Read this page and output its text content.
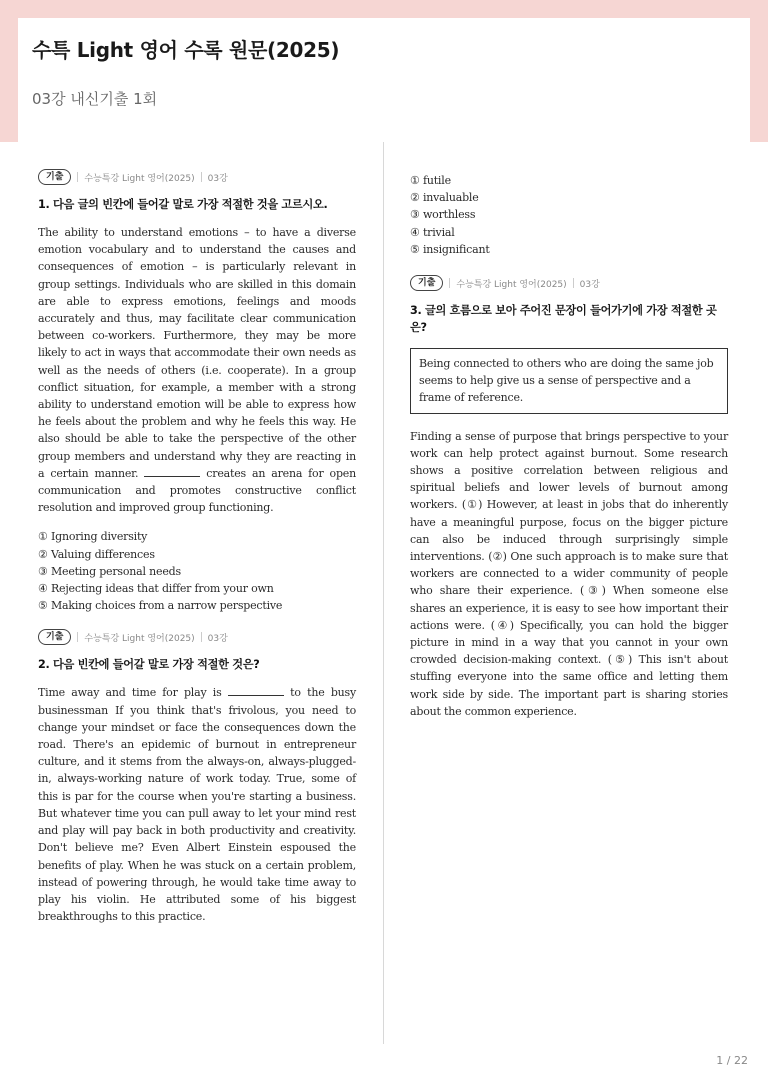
수특 Light 영어 수록 원문(2025)

03강 내신기출 1회

기출	수능특강 Light 영어(2025) 03강

1. 다음 글의 빈칸에 들어갈 말로 가장 적절한 것을 고르시오.

The ability to understand emotions – to have a diverse emotion vocabulary and to understand the causes and consequences of emotion – is particularly relevant in group settings. Individuals who are skilled in this domain are able to express emotions, feelings and moods accurately and thus, may facilitate clear communication between co-workers. Furthermore, they may be more likely to act in ways that accommodate their own needs as well as the needs of others (i.e. cooperate). In a group conflict situation, for example, a member with a strong ability to understand emotion will be able to express how he feels about the problem and why he feels this way. He also should be able to take the perspective of the other group members and understand why they are reacting in a certain manner.	creates an arena for open communication and promotes constructive conflict resolution and improved group functioning.

① Ignoring diversity
② Valuing differences
③ Meeting personal needs
④ Rejecting ideas that differ from your own
⑤ Making choices from a narrow perspective
기출	수능특강 Light 영어(2025) 03강

2. 다음 빈칸에 들어갈 말로 가장 적절한 것은?

Time away and time for play is	to the busy businessman If you think that's frivolous, you need to change your mindset or face the consequences down the road. There's an epidemic of burnout in entrepreneur culture, and it stems from the always-on, always-plugged-in, always-working nature of work today. True, some of this is par for the course when you're starting a business. But whatever time you can pull away to let your mind rest and play will pay back in both productivity and creativity. Don't believe me? Even Albert Einstein espoused the benefits of play. When he was stuck on a certain problem, instead of powering through, he would take time away to play his violin. He attributed some of his biggest breakthroughs to this practice.

① futile
② invaluable
③ worthless
④ trivial
⑤ insignificant
기출	수능특강 Light 영어(2025) 03강

3. 글의 흐름으로 보아 주어진 문장이 들어가기에 가장 적절한 곳은?

Being connected to others who are doing the same job seems to help give us a sense of perspective and a frame of reference.

Finding a sense of purpose that brings perspective to your work can help protect against burnout. Some research shows a positive correlation between religious and spiritual beliefs and lower levels of burnout among workers. (①) However, at least in jobs that do inherently have a meaningful purpose, focus on the bigger picture can also be induced through surprisingly simple interventions. (②) One such approach is to make sure that workers are connected to a wider community of people who share their experience. (③) When someone else shares an experience, it is easy to see how important their actions were. (④) Specifically, you can hold the bigger picture in mind in a way that you cannot in your own crowded decision-making context. (⑤) This isn't about stuffing everyone into the same office and letting them work side by side. The important part is sharing stories about the common experience.

1 / 22
